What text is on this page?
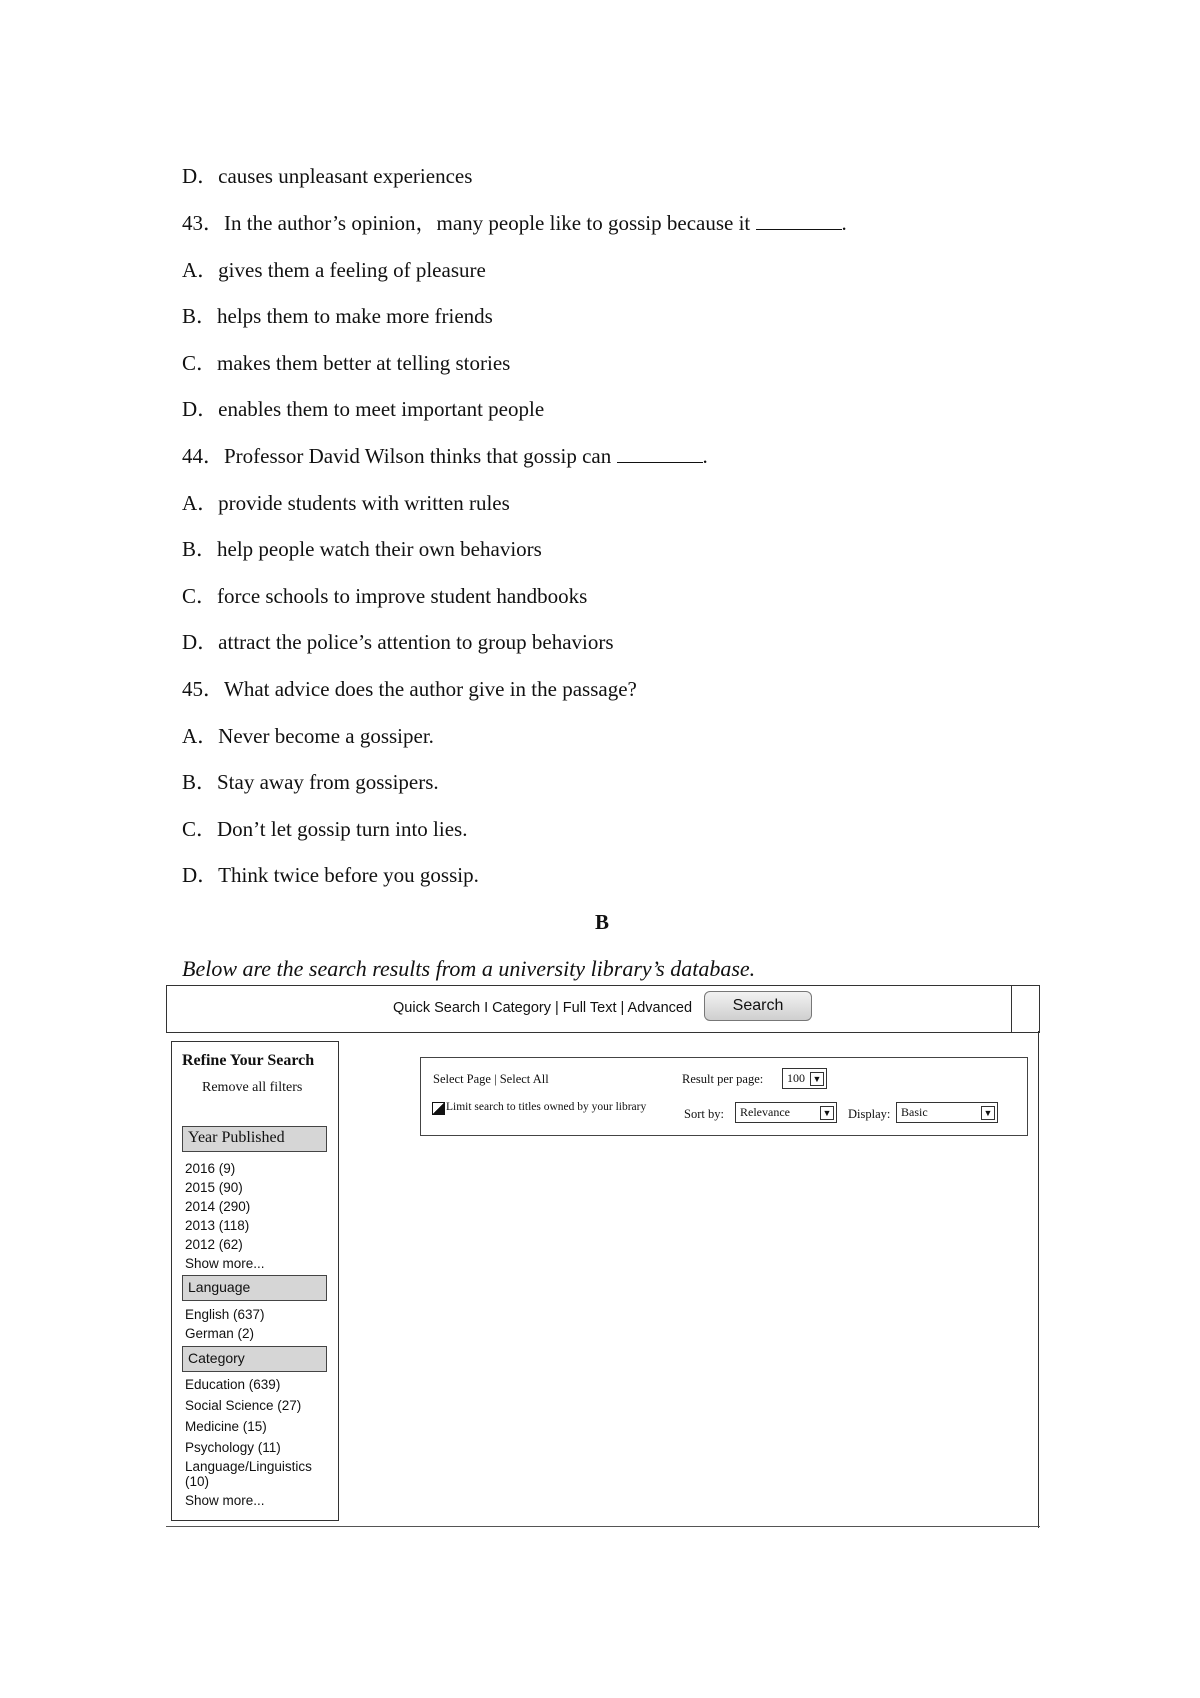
D．causes unpleasant experiences
43．In the author’s opinion，many people like to gossip because it	.
A．gives them a feeling of pleasure
B．helps them to make more friends
C．makes them better at telling stories
D．enables them to meet important people
44．Professor David Wilson thinks that gossip can	.
A．provide students with written rules
B．help people watch their own behaviors
C．force schools to improve student handbooks
D．attract the police’s attention to group behaviors
45．What advice does the author give in the passage?
A．Never become a gossiper.
B．Stay away from gossipers.
C．Don’t let gossip turn into lies.
D．Think twice before you gossip.
B
Below are the search results from a university library’s database.
Quick Search I Category | Full Text | Advanced	Search
Refine Your Search
Remove all filters
Year Published
2016 (9)
2015 (90)
2014 (290)
2013 (118)
2012 (62)
Show more...
Language
English (637)
German (2)
Category
Education (639)
Social Science (27)
Medicine (15)
Psychology (11)
Language/Linguistics (10)
Show more...
Select Page | Select All	Result per page: 100 ▼
Limit search to titles owned by your library	Sort by: Relevance	▼ Display: Basic	▼
